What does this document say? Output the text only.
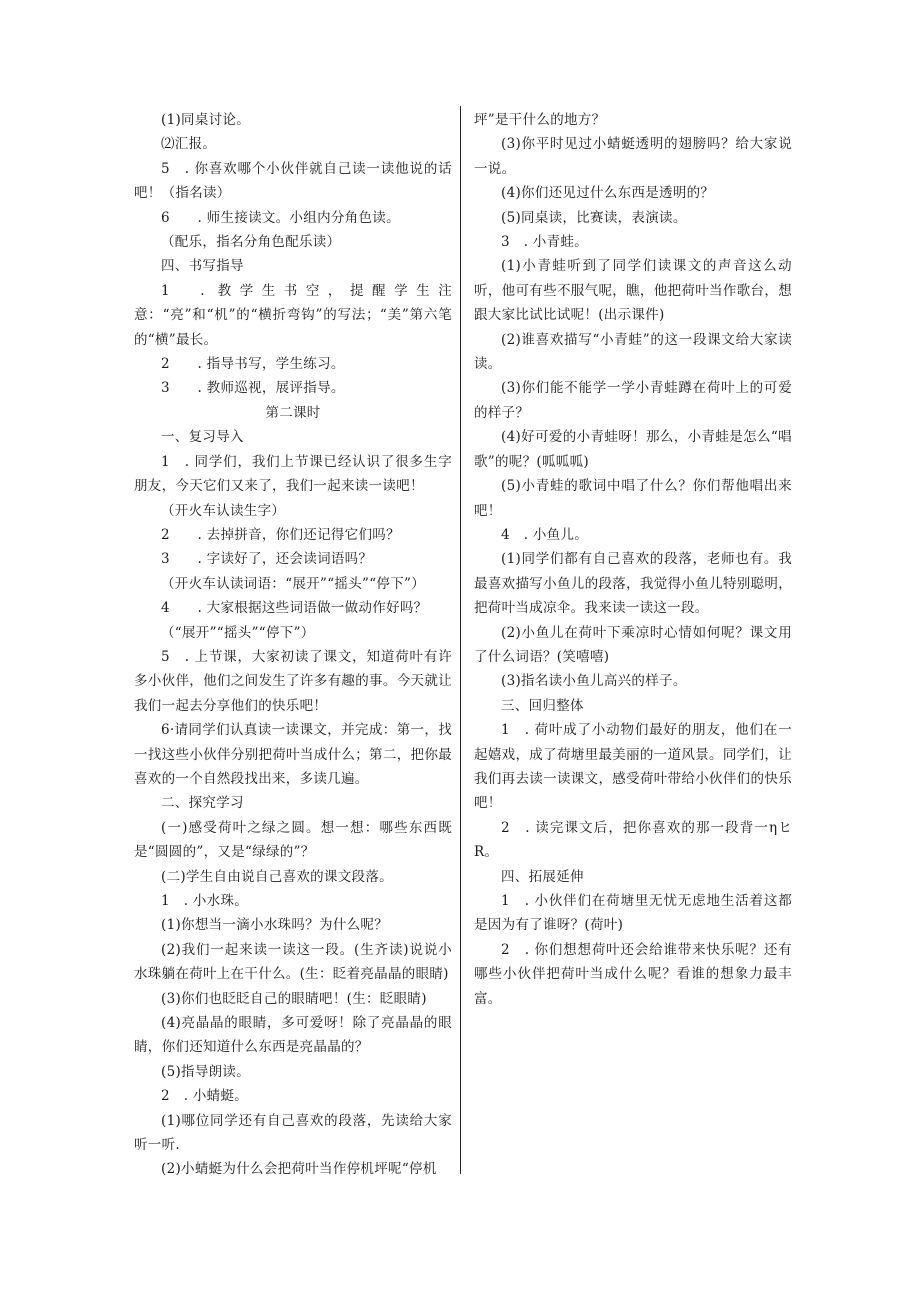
(1)同桌讨论。

⑵汇报。

5　. 你喜欢哪个小伙伴就自己读一读他说的话吧！（指名读）

6　　. 师生接读文。小组内分角色读。

（配乐，指名分角色配乐读）

四、书写指导

1　. 教学生书空，提醒学生注意：“亮”和“机”的“横折弯钩”的写法；“美”第六笔的“横”最长。

2　　. 指导书写，学生练习。

3　　. 教师巡视，展评指导。

第二课时

一、复习导入

1　. 同学们，我们上节课已经认识了很多生字朋友，今天它们又来了，我们一起来读一读吧！

（开火车认读生字）

2　　. 去掉拼音，你们还记得它们吗？

3　　. 字读好了，还会读词语吗？

（开火车认读词语：“展开”“摇头”“停下”）

4　　. 大家根据这些词语做一做动作好吗？

（“展开”“摇头”“停下”）

5　. 上节课，大家初读了课文，知道荷叶有许多小伙伴，他们之间发生了许多有趣的事。今天就让我们一起去分享他们的快乐吧！

6·请同学们认真读一读课文，并完成：第一，找一找这些小伙伴分别把荷叶当成什么；第二，把你最喜欢的一个自然段找出来，多读几遍。

二、探究学习

(一)感受荷叶之绿之圆。想一想：哪些东西既是“圆圆的”，又是“绿绿的”？

(二)学生自由说自己喜欢的课文段落。

1　. 小水珠。

(1)你想当一滴小水珠吗？为什么呢？

(2)我们一起来读一读这一段。(生齐读)说说小水珠躺在荷叶上在干什么。(生：眨着亮晶晶的眼睛)

(3)你们也眨眨自己的眼睛吧！(生：眨眼睛)

(4)亮晶晶的眼睛，多可爱呀！除了亮晶晶的眼睛，你们还知道什么东西是亮晶晶的？

(5)指导朗读。

2　. 小蜻蜓。

(1)哪位同学还有自己喜欢的段落，先读给大家听一听.

(2)小蜻蜓为什么会把荷叶当作停机坪呢“停机

坪”是干什么的地方？

(3)你平时见过小蜻蜓透明的翅膀吗？给大家说一说。

(4)你们还见过什么东西是透明的？

(5)同桌读，比赛读，表演读。

3　. 小青蛙。

(1)小青蛙听到了同学们读课文的声音这么动听，他可有些不服气呢，瞧，他把荷叶当作歌台，想跟大家比试比试呢！(出示课件)

(2)谁喜欢描写“小青蛙”的这一段课文给大家读读。

(3)你们能不能学一学小青蛙蹲在荷叶上的可爱的样子？

(4)好可爱的小青蛙呀！那么，小青蛙是怎么“唱歌”的呢？(呱呱呱)

(5)小青蛙的歌词中唱了什么？你们帮他唱出来吧！

4　. 小鱼儿。

(1)同学们都有自己喜欢的段落，老师也有。我最喜欢描写小鱼儿的段落，我觉得小鱼儿特别聪明，把荷叶当成凉伞。我来读一读这一段。

(2)小鱼儿在荷叶下乘凉时心情如何呢？课文用了什么词语？(笑嘻嘻)

(3)指名读小鱼儿高兴的样子。

三、回归整体

1　. 荷叶成了小动物们最好的朋友，他们在一起嬉戏，成了荷塘里最美丽的一道风景。同学们，让我们再去读一读课文，感受荷叶带给小伙伴们的快乐吧！

2　. 读完课文后，把你喜欢的那一段背一ηヒR。

四、拓展延伸

1　. 小伙伴们在荷塘里无忧无虑地生活着这都是因为有了谁呀？(荷叶)

2　. 你们想想荷叶还会给谁带来快乐呢？还有哪些小伙伴把荷叶当成什么呢？看谁的想象力最丰富。
